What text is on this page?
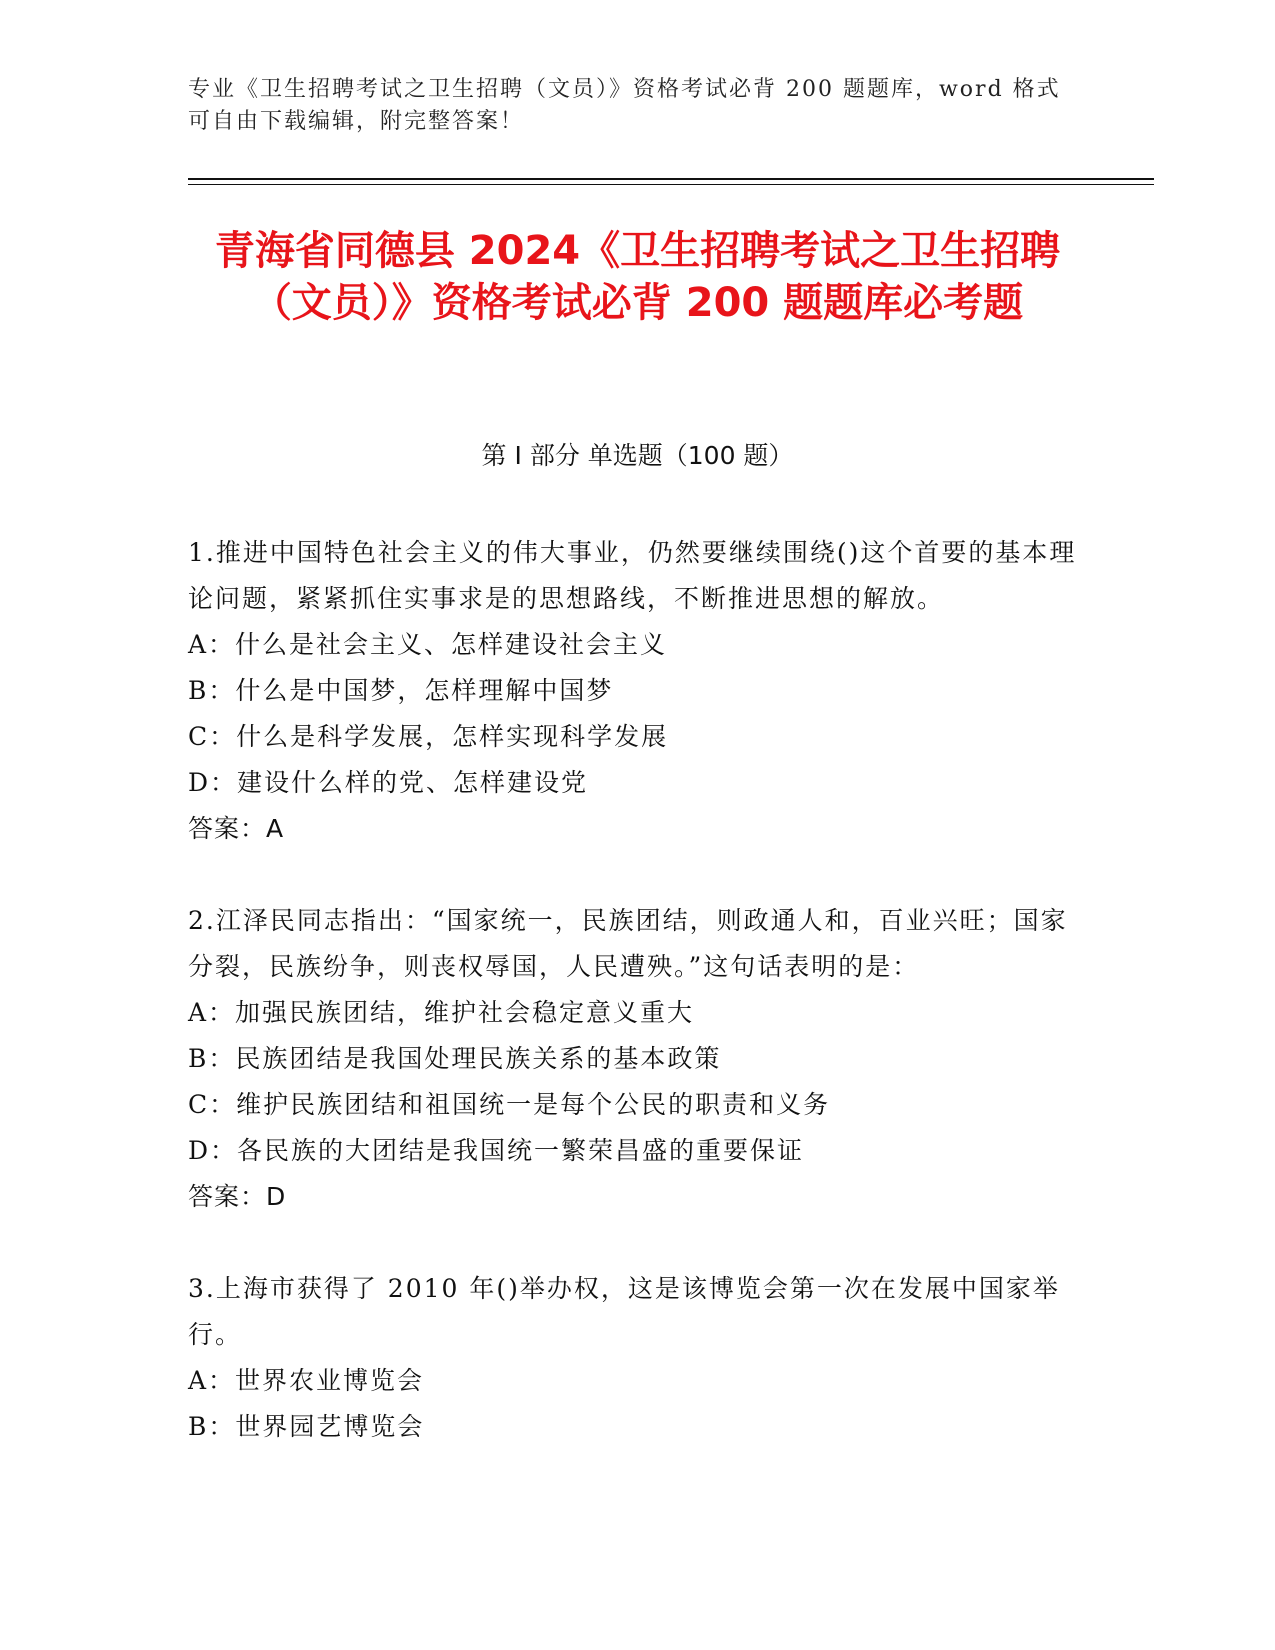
专业《卫生招聘考试之卫生招聘（文员）》资格考试必背 200 题题库，word 格式可自由下载编辑，附完整答案！
青海省同德县 2024《卫生招聘考试之卫生招聘（文员）》资格考试必背 200 题题库必考题
第 I 部分 单选题（100 题）
1.推进中国特色社会主义的伟大事业，仍然要继续围绕()这个首要的基本理论问题，紧紧抓住实事求是的思想路线，不断推进思想的解放。
A：什么是社会主义、怎样建设社会主义
B：什么是中国梦，怎样理解中国梦
C：什么是科学发展，怎样实现科学发展
D：建设什么样的党、怎样建设党
答案：A
2.江泽民同志指出：“国家统一，民族团结，则政通人和，百业兴旺；国家分裂，民族纷争，则丧权辱国，人民遭殃。”这句话表明的是：
A：加强民族团结，维护社会稳定意义重大
B：民族团结是我国处理民族关系的基本政策
C：维护民族团结和祖国统一是每个公民的职责和义务
D：各民族的大团结是我国统一繁荣昌盛的重要保证
答案：D
3.上海市获得了 2010 年()举办权，这是该博览会第一次在发展中国家举行。
A：世界农业博览会
B：世界园艺博览会
